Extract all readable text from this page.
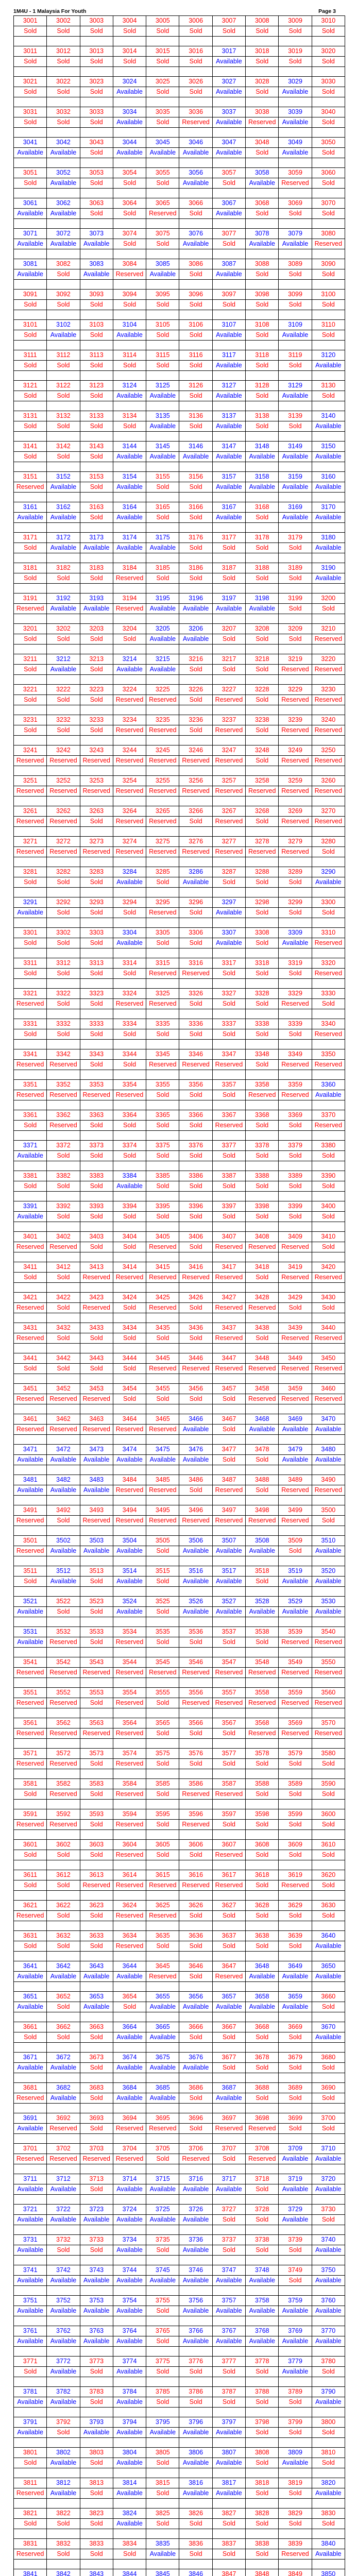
1M4U - 1 Malaysia For Youth	Page 3
3001	3002	3003	3004	3005	3006	3007	3008	3009	3010
Sold	Sold	Sold	Sold	Sold	Sold	Sold	Sold	Sold	Sold

3011	3012	3013	3014	3015	3016	3017	3018	3019	3020
Sold	Sold	Sold	Sold	Sold	Sold	Available	Sold	Sold	Sold

3021	3022	3023	3024	3025	3026	3027	3028	3029	3030
Sold	Sold	Sold	Available	Sold	Sold	Available	Sold	Available	Sold

3031	3032	3033	3034	3035	3036	3037	3038	3039	3040
Sold	Sold	Sold	Available	Sold	Reserved	Available	Reserved	Available	Sold

3041	3042	3043	3044	3045	3046	3047	3048	3049	3050
Available	Available	Sold	Available	Available	Available	Available	Sold	Available	Sold

3051	3052	3053	3054	3055	3056	3057	3058	3059	3060
Sold	Available	Sold	Sold	Sold	Available	Sold	Available	Reserved	Sold

3061	3062	3063	3064	3065	3066	3067	3068	3069	3070
Available	Available	Sold	Sold	Reserved	Sold	Available	Sold	Sold	Sold

3071	3072	3073	3074	3075	3076	3077	3078	3079	3080
Available	Available	Available	Sold	Sold	Available	Sold	Available	Available	Reserved

3081	3082	3083	3084	3085	3086	3087	3088	3089	3090
Available	Sold	Available	Reserved	Available	Sold	Available	Sold	Sold	Sold

3091	3092	3093	3094	3095	3096	3097	3098	3099	3100
Sold	Sold	Sold	Sold	Sold	Sold	Sold	Sold	Sold	Sold

3101	3102	3103	3104	3105	3106	3107	3108	3109	3110
Sold	Available	Sold	Available	Sold	Sold	Available	Sold	Available	Sold

3111	3112	3113	3114	3115	3116	3117	3118	3119	3120
Sold	Sold	Sold	Sold	Sold	Sold	Available	Sold	Sold	Available

3121	3122	3123	3124	3125	3126	3127	3128	3129	3130
Sold	Sold	Sold	Available	Available	Sold	Available	Sold	Available	Sold

3131	3132	3133	3134	3135	3136	3137	3138	3139	3140
Sold	Sold	Sold	Sold	Available	Sold	Available	Sold	Sold	Available

3141	3142	3143	3144	3145	3146	3147	3148	3149	3150
Sold	Sold	Sold	Available	Available	Available	Available	Available	Available	Available

3151	3152	3153	3154	3155	3156	3157	3158	3159	3160
Reserved	Available	Sold	Available	Sold	Sold	Available	Available	Available	Available

3161	3162	3163	3164	3165	3166	3167	3168	3169	3170
Available	Available	Sold	Available	Sold	Sold	Available	Sold	Available	Available

3171	3172	3173	3174	3175	3176	3177	3178	3179	3180
Sold	Available	Available	Available	Available	Sold	Sold	Sold	Sold	Available

3181	3182	3183	3184	3185	3186	3187	3188	3189	3190
Sold	Sold	Sold	Reserved	Sold	Sold	Sold	Sold	Sold	Available

3191	3192	3193	3194	3195	3196	3197	3198	3199	3200
Reserved	Available	Available	Reserved	Available	Available	Available	Available	Sold	Sold

3201	3202	3203	3204	3205	3206	3207	3208	3209	3210
Sold	Sold	Sold	Sold	Available	Available	Sold	Sold	Sold	Reserved

3211	3212	3213	3214	3215	3216	3217	3218	3219	3220
Sold	Available	Sold	Available	Available	Sold	Sold	Sold	Reserved	Reserved

3221	3222	3223	3224	3225	3226	3227	3228	3229	3230
Sold	Sold	Sold	Reserved	Reserved	Sold	Reserved	Sold	Reserved	Reserved

3231	3232	3233	3234	3235	3236	3237	3238	3239	3240
Sold	Sold	Sold	Reserved	Reserved	Sold	Reserved	Sold	Reserved	Reserved

3241	3242	3243	3244	3245	3246	3247	3248	3249	3250
Reserved	Reserved	Reserved	Reserved	Reserved	Reserved	Reserved	Sold	Reserved	Reserved

3251	3252	3253	3254	3255	3256	3257	3258	3259	3260
Reserved	Reserved	Reserved	Reserved	Reserved	Reserved	Reserved	Reserved	Reserved	Reserved

3261	3262	3263	3264	3265	3266	3267	3268	3269	3270
Reserved	Reserved	Sold	Reserved	Reserved	Sold	Reserved	Sold	Reserved	Reserved

3271	3272	3273	3274	3275	3276	3277	3278	3279	3280
Reserved	Reserved	Reserved	Reserved	Reserved	Reserved	Reserved	Reserved	Reserved	Sold

3281	3282	3283	3284	3285	3286	3287	3288	3289	3290
Sold	Sold	Sold	Available	Sold	Available	Sold	Sold	Sold	Available

3291	3292	3293	3294	3295	3296	3297	3298	3299	3300
Available	Sold	Sold	Sold	Reserved	Sold	Available	Sold	Sold	Sold

3301	3302	3303	3304	3305	3306	3307	3308	3309	3310
Sold	Sold	Sold	Available	Sold	Sold	Available	Sold	Available	Reserved

3311	3312	3313	3314	3315	3316	3317	3318	3319	3320
Sold	Sold	Sold	Sold	Reserved	Reserved	Sold	Sold	Sold	Reserved

3321	3322	3323	3324	3325	3326	3327	3328	3329	3330
Reserved	Sold	Sold	Reserved	Reserved	Sold	Sold	Sold	Reserved	Sold

3331	3332	3333	3334	3335	3336	3337	3338	3339	3340
Sold	Sold	Sold	Sold	Sold	Sold	Sold	Sold	Sold	Reserved

3341	3342	3343	3344	3345	3346	3347	3348	3349	3350
Reserved	Reserved	Sold	Sold	Reserved	Reserved	Reserved	Sold	Reserved	Reserved

3351	3352	3353	3354	3355	3356	3357	3358	3359	3360
Reserved	Reserved	Reserved	Reserved	Sold	Sold	Sold	Reserved	Reserved	Available

3361	3362	3363	3364	3365	3366	3367	3368	3369	3370
Sold	Reserved	Sold	Sold	Sold	Sold	Reserved	Sold	Sold	Reserved

3371	3372	3373	3374	3375	3376	3377	3378	3379	3380
Available	Sold	Sold	Sold	Sold	Sold	Sold	Sold	Sold	Sold

3381	3382	3383	3384	3385	3386	3387	3388	3389	3390
Sold	Sold	Sold	Available	Sold	Sold	Sold	Sold	Sold	Sold

3391	3392	3393	3394	3395	3396	3397	3398	3399	3400
Available	Sold	Sold	Sold	Sold	Sold	Sold	Sold	Sold	Sold

3401	3402	3403	3404	3405	3406	3407	3408	3409	3410
Reserved	Reserved	Sold	Sold	Reserved	Sold	Reserved	Reserved	Reserved	Sold

3411	3412	3413	3414	3415	3416	3417	3418	3419	3420
Sold	Sold	Reserved	Reserved	Reserved	Reserved	Reserved	Sold	Reserved	Reserved

3421	3422	3423	3424	3425	3426	3427	3428	3429	3430
Reserved	Sold	Reserved	Sold	Reserved	Sold	Reserved	Reserved	Sold	Sold

3431	3432	3433	3434	3435	3436	3437	3438	3439	3440
Reserved	Sold	Sold	Sold	Sold	Sold	Reserved	Sold	Reserved	Reserved

3441	3442	3443	3444	3445	3446	3447	3448	3449	3450
Sold	Sold	Sold	Sold	Reserved	Reserved	Reserved	Reserved	Reserved	Reserved

3451	3452	3453	3454	3455	3456	3457	3458	3459	3460
Reserved	Reserved	Reserved	Sold	Sold	Sold	Sold	Reserved	Reserved	Reserved

3461	3462	3463	3464	3465	3466	3467	3468	3469	3470
Reserved	Reserved	Reserved	Reserved	Reserved	Available	Sold	Available	Available	Available

3471	3472	3473	3474	3475	3476	3477	3478	3479	3480
Available	Available	Available	Available	Available	Available	Sold	Sold	Available	Available

3481	3482	3483	3484	3485	3486	3487	3488	3489	3490
Available	Available	Available	Reserved	Reserved	Sold	Reserved	Sold	Reserved	Reserved

3491	3492	3493	3494	3495	3496	3497	3498	3499	3500
Reserved	Sold	Reserved	Reserved	Reserved	Reserved	Reserved	Reserved	Reserved	Sold

3501	3502	3503	3504	3505	3506	3507	3508	3509	3510
Reserved	Available	Available	Available	Sold	Available	Available	Available	Sold	Available

3511	3512	3513	3514	3515	3516	3517	3518	3519	3520
Sold	Available	Sold	Available	Sold	Available	Available	Sold	Available	Available

3521	3522	3523	3524	3525	3526	3527	3528	3529	3530
Available	Sold	Sold	Available	Sold	Available	Available	Available	Available	Available

3531	3532	3533	3534	3535	3536	3537	3538	3539	3540
Available	Reserved	Sold	Reserved	Sold	Sold	Sold	Sold	Reserved	Reserved

3541	3542	3543	3544	3545	3546	3547	3548	3549	3550
Reserved	Reserved	Reserved	Reserved	Reserved	Reserved	Reserved	Reserved	Reserved	Reserved

3551	3552	3553	3554	3555	3556	3557	3558	3559	3560
Reserved	Reserved	Sold	Reserved	Sold	Reserved	Reserved	Reserved	Reserved	Reserved

3561	3562	3563	3564	3565	3566	3567	3568	3569	3570
Reserved	Reserved	Reserved	Reserved	Sold	Sold	Sold	Reserved	Reserved	Reserved

3571	3572	3573	3574	3575	3576	3577	3578	3579	3580
Reserved	Reserved	Sold	Reserved	Sold	Sold	Sold	Sold	Sold	Sold

3581	3582	3583	3584	3585	3586	3587	3588	3589	3590
Sold	Reserved	Sold	Reserved	Sold	Reserved	Reserved	Sold	Sold	Sold

3591	3592	3593	3594	3595	3596	3597	3598	3599	3600
Reserved	Reserved	Sold	Reserved	Sold	Reserved	Sold	Sold	Sold	Sold

3601	3602	3603	3604	3605	3606	3607	3608	3609	3610
Sold	Sold	Sold	Reserved	Sold	Sold	Reserved	Sold	Sold	Sold

3611	3612	3613	3614	3615	3616	3617	3618	3619	3620
Sold	Sold	Reserved	Reserved	Reserved	Reserved	Reserved	Sold	Reserved	Sold

3621	3622	3623	3624	3625	3626	3627	3628	3629	3630
Reserved	Sold	Sold	Reserved	Reserved	Sold	Sold	Sold	Sold	Sold

3631	3632	3633	3634	3635	3636	3637	3638	3639	3640
Sold	Sold	Sold	Reserved	Sold	Sold	Sold	Sold	Sold	Available

3641	3642	3643	3644	3645	3646	3647	3648	3649	3650
Available	Available	Available	Available	Reserved	Sold	Reserved	Available	Available	Available

3651	3652	3653	3654	3655	3656	3657	3658	3659	3660
Available	Sold	Available	Sold	Available	Available	Available	Available	Available	Sold

3661	3662	3663	3664	3665	3666	3667	3668	3669	3670
Sold	Sold	Sold	Available	Available	Sold	Sold	Sold	Sold	Available

3671	3672	3673	3674	3675	3676	3677	3678	3679	3680
Available	Available	Sold	Available	Available	Available	Sold	Sold	Sold	Sold

3681	3682	3683	3684	3685	3686	3687	3688	3689	3690
Reserved	Available	Sold	Available	Available	Sold	Available	Sold	Sold	Sold

3691	3692	3693	3694	3695	3696	3697	3698	3699	3700
Available	Reserved	Sold	Reserved	Reserved	Sold	Reserved	Reserved	Sold	Sold

3701	3702	3703	3704	3705	3706	3707	3708	3709	3710
Reserved	Reserved	Reserved	Reserved	Sold	Reserved	Sold	Reserved	Available	Available

3711	3712	3713	3714	3715	3716	3717	3718	3719	3720
Available	Available	Sold	Available	Available	Available	Available	Sold	Available	Available

3721	3722	3723	3724	3725	3726	3727	3728	3729	3730
Available	Available	Available	Available	Available	Available	Sold	Sold	Available	Sold

3731	3732	3733	3734	3735	3736	3737	3738	3739	3740
Available	Sold	Sold	Available	Sold	Available	Sold	Sold	Sold	Available

3741	3742	3743	3744	3745	3746	3747	3748	3749	3750
Available	Available	Available	Available	Available	Available	Available	Available	Sold	Available

3751	3752	3753	3754	3755	3756	3757	3758	3759	3760
Available	Available	Available	Available	Sold	Available	Available	Available	Available	Available

3761	3762	3763	3764	3765	3766	3767	3768	3769	3770
Available	Available	Available	Available	Sold	Available	Available	Available	Available	Available

3771	3772	3773	3774	3775	3776	3777	3778	3779	3780
Sold	Available	Sold	Available	Sold	Sold	Sold	Sold	Available	Sold

3781	3782	3783	3784	3785	3786	3787	3788	3789	3790
Available	Available	Sold	Available	Sold	Sold	Sold	Sold	Sold	Available

3791	3792	3793	3794	3795	3796	3797	3798	3799	3800
Available	Sold	Available	Available	Available	Available	Available	Sold	Sold	Sold

3801	3802	3803	3804	3805	3806	3807	3808	3809	3810
Sold	Available	Sold	Available	Sold	Available	Available	Sold	Available	Sold

3811	3812	3813	3814	3815	3816	3817	3818	3819	3820
Reserved	Available	Sold	Available	Sold	Available	Available	Sold	Sold	Available

3821	3822	3823	3824	3825	3826	3827	3828	3829	3830
Sold	Sold	Sold	Available	Sold	Sold	Sold	Sold	Sold	Sold

3831	3832	3833	3834	3835	3836	3837	3838	3839	3840
Reserved	Sold	Sold	Sold	Available	Sold	Sold	Sold	Reserved	Available

3841	3842	3843	3844	3845	3846	3847	3848	3849	3850
